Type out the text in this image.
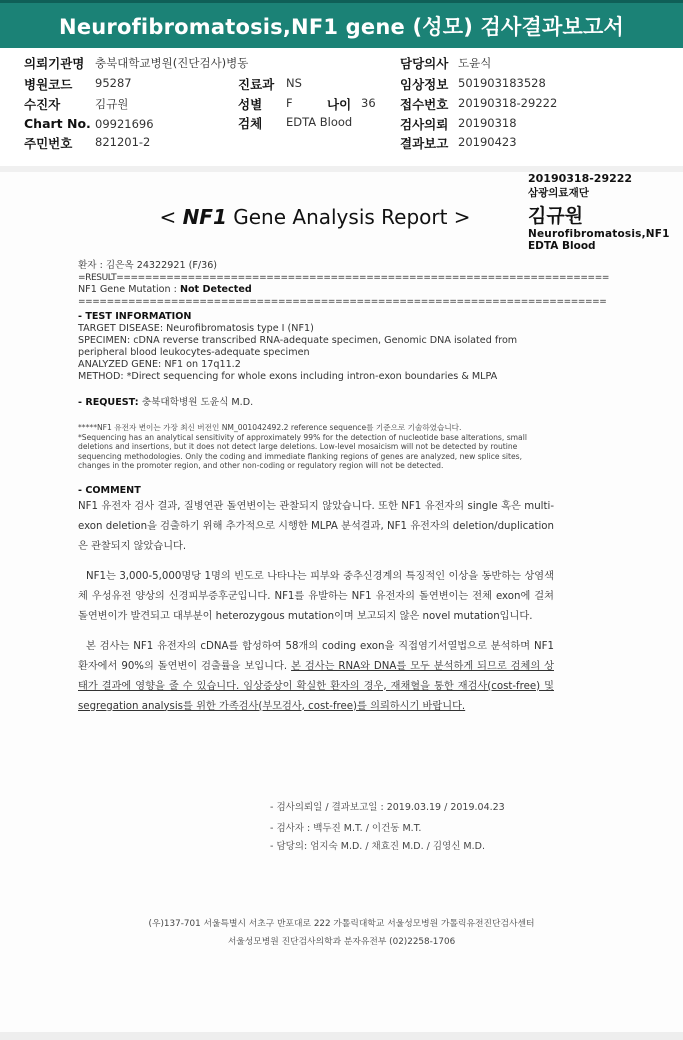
Neurofibromatosis,NF1 gene (성모) 검사결과보고서
의뢰기관명 충북대학교병원(진단검사)병동
병원코드 95287	진료과 NS
수진자	김규원	성별 F	나이 36
Chart No. 09921696	검체 EDTA Blood
주민번호 821201-2
담당의사 도윤식
임상정보 501903183528
접수번호 20190318-29222
검사의뢰 20190318
결과보고 20190423
20190318-29222
삼광의료재단
김규원
Neurofibromatosis,NF1
EDTA Blood
< NF1 Gene Analysis Report >
환자 : 김은옥 24322921 (F/36)
=RESULT=====================================================================
NF1 Gene Mutation : Not Detected
==========================================================================
- TEST INFORMATION
TARGET DISEASE: Neurofibromatosis type I (NF1)
SPECIMEN: cDNA reverse transcribed RNA-adequate specimen, Genomic DNA isolated from peripheral blood leukocytes-adequate specimen
ANALYZED GENE: NF1 on 17q11.2
METHOD: *Direct sequencing for whole exons including intron-exon boundaries & MLPA
- REQUEST: 충북대학병원 도윤식 M.D.
*****NF1 유전자 변이는 가장 최신 버전인 NM_001042492.2 reference sequence를 기준으로 기술하였습니다.
*Sequencing has an analytical sensitivity of approximately 99% for the detection of nucleotide base alterations, small deletions and insertions, but it does not detect large deletions. Low-level mosaicism will not be detected by routine sequencing methodologies. Only the coding and immediate flanking regions of genes are analyzed, new splice sites, changes in the promoter region, and other non-coding or regulatory region will not be detected.
- COMMENT

NF1 유전자 검사 결과, 질병연관 돌연변이는 관찰되지 않았습니다. 또한 NF1 유전자의 single 혹은 multi-exon deletion을 검출하기 위해 추가적으로 시행한 MLPA 분석결과, NF1 유전자의 deletion/duplication은 관찰되지 않았습니다.

NF1는 3,000-5,000명당 1명의 빈도로 나타나는 피부와 중추신경계의 특징적인 이상을 동반하는 상염색체 우성유전 양상의 신경피부증후군입니다. NF1를 유발하는 NF1 유전자의 돌연변이는 전체 exon에 걸쳐 돌연변이가 발견되고 대부분이 heterozygous mutation이며 보고되지 않은 novel mutation입니다.

본 검사는 NF1 유전자의 cDNA를 합성하여 58개의 coding exon을 직접염기서열법으로 분석하며 NF1 환자에서 90%의 돌연변이 검출률을 보입니다. 본 검사는 RNA와 DNA를 모두 분석하게 되므로 검체의 상태가 결과에 영향을 줄 수 있습니다. 임상증상이 확실한 환자의 경우, 재채혈을 통한 재검사(cost-free) 및 segregation analysis를 위한 가족검사(부모검사, cost-free)를 의뢰하시기 바랍니다.

- 검사의뢰일 / 결과보고일 : 2019.03.19 / 2019.04.23
- 검사자 : 백두진 M.T. / 이건동 M.T.
- 담당의: 엄지숙 M.D. / 채효진 M.D. / 김영신 M.D.
(우)137-701 서울특별시 서초구 반포대로 222 가톨릭대학교 서울성모병원 가톨릭유전진단검사센터
서울성모병원 진단검사의학과 분자유전부 (02)2258-1706
